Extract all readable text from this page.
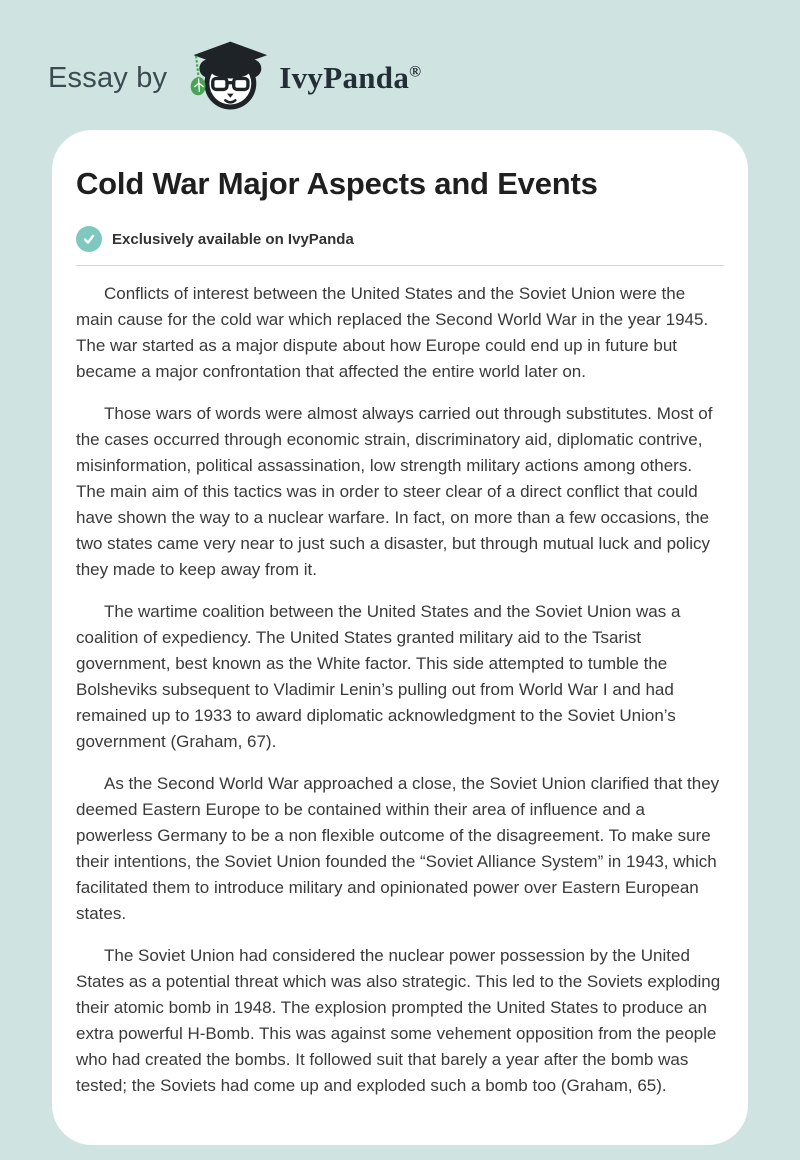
Essay by	IvyPanda®
Cold War Major Aspects and Events
Exclusively available on IvyPanda

Conflicts of interest between the United States and the Soviet Union were the main cause for the cold war which replaced the Second World War in the year 1945. The war started as a major dispute about how Europe could end up in future but became a major confrontation that affected the entire world later on.

Those wars of words were almost always carried out through substitutes. Most of the cases occurred through economic strain, discriminatory aid, diplomatic contrive, misinformation, political assassination, low strength military actions among others. The main aim of this tactics was in order to steer clear of a direct conflict that could have shown the way to a nuclear warfare. In fact, on more than a few occasions, the two states came very near to just such a disaster, but through mutual luck and policy they made to keep away from it.

The wartime coalition between the United States and the Soviet Union was a coalition of expediency. The United States granted military aid to the Tsarist government, best known as the White factor. This side attempted to tumble the Bolsheviks subsequent to Vladimir Lenin’s pulling out from World War I and had remained up to 1933 to award diplomatic acknowledgment to the Soviet Union’s government (Graham, 67).

As the Second World War approached a close, the Soviet Union clarified that they deemed Eastern Europe to be contained within their area of influence and a powerless Germany to be a non flexible outcome of the disagreement. To make sure their intentions, the Soviet Union founded the “Soviet Alliance System” in 1943, which facilitated them to introduce military and opinionated power over Eastern European states.

The Soviet Union had considered the nuclear power possession by the United States as a potential threat which was also strategic. This led to the Soviets exploding their atomic bomb in 1948. The explosion prompted the United States to produce an extra powerful H-Bomb. This was against some vehement opposition from the people who had created the bombs. It followed suit that barely a year after the bomb was tested; the Soviets had come up and exploded such a bomb too (Graham, 65).
